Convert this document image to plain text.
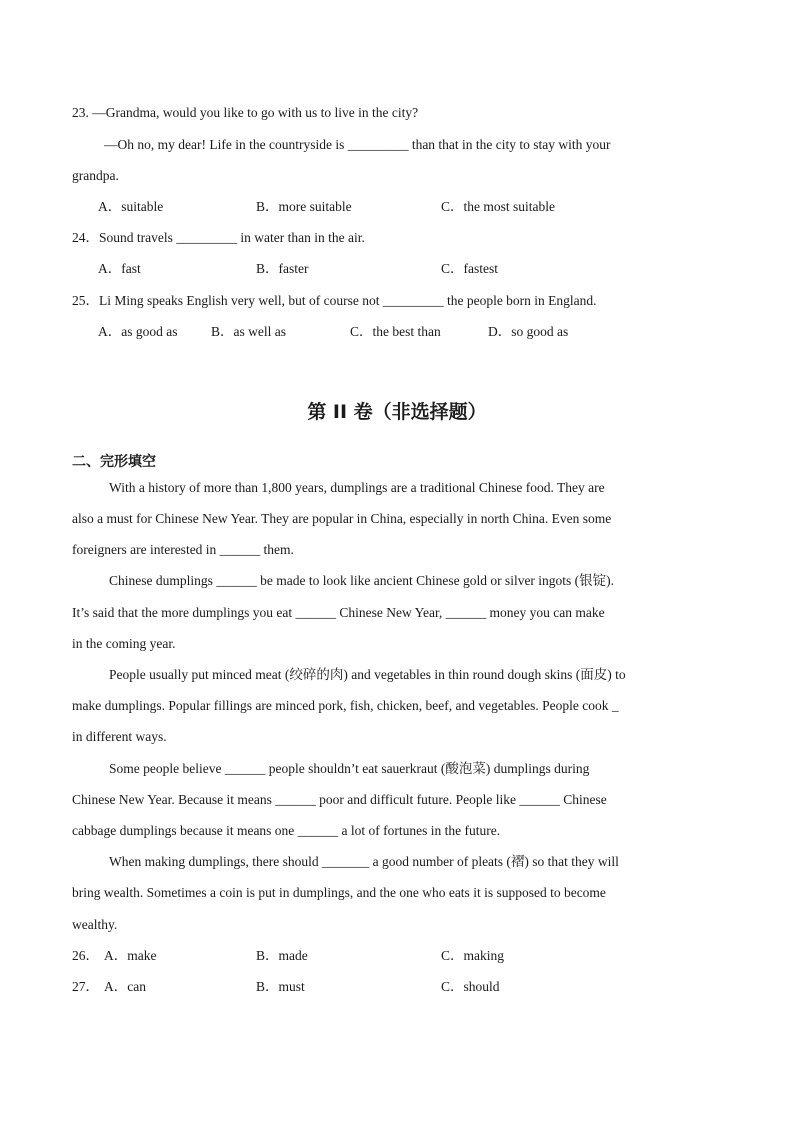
23. —Grandma, would you like to go with us to live in the city?
—Oh no, my dear! Life in the countryside is _________ than that in the city to stay with your
grandpa.
A．suitable	B．more suitable	C．the most suitable
24．Sound travels _________ in water than in the air.
A．fast	B．faster	C．fastest
25．Li Ming speaks English very well, but of course not _________ the people born in England.
A．as good as B．as well as	C．the best than	D．so good as
第 II 卷（非选择题）
二、完形填空
With a history of more than 1,800 years, dumplings are a traditional Chinese food. They are
also a must for Chinese New Year. They are popular in China, especially in north China. Even some
foreigners are interested in ______ them.
Chinese dumplings ______ be made to look like ancient Chinese gold or silver ingots (银锭).
It’s said that the more dumplings you eat ______ Chinese New Year, ______ money you can make
in the coming year.
People usually put minced meat (绞碎的肉) and vegetables in thin round dough skins (面皮) to
make dumplings. Popular fillings are minced pork, fish, chicken, beef, and vegetables. People cook _
in different ways.
Some people believe ______ people shouldn’t eat sauerkraut (酸泡菜) dumplings during
Chinese New Year. Because it means ______ poor and difficult future. People like ______ Chinese
cabbage dumplings because it means one ______ a lot of fortunes in the future.
When making dumplings, there should _______ a good number of pleats (褶) so that they will
bring wealth. Sometimes a coin is put in dumplings, and the one who eats it is supposed to become
wealthy.
26． A．make	B．made	C．making
27． A．can	B．must	C．should
